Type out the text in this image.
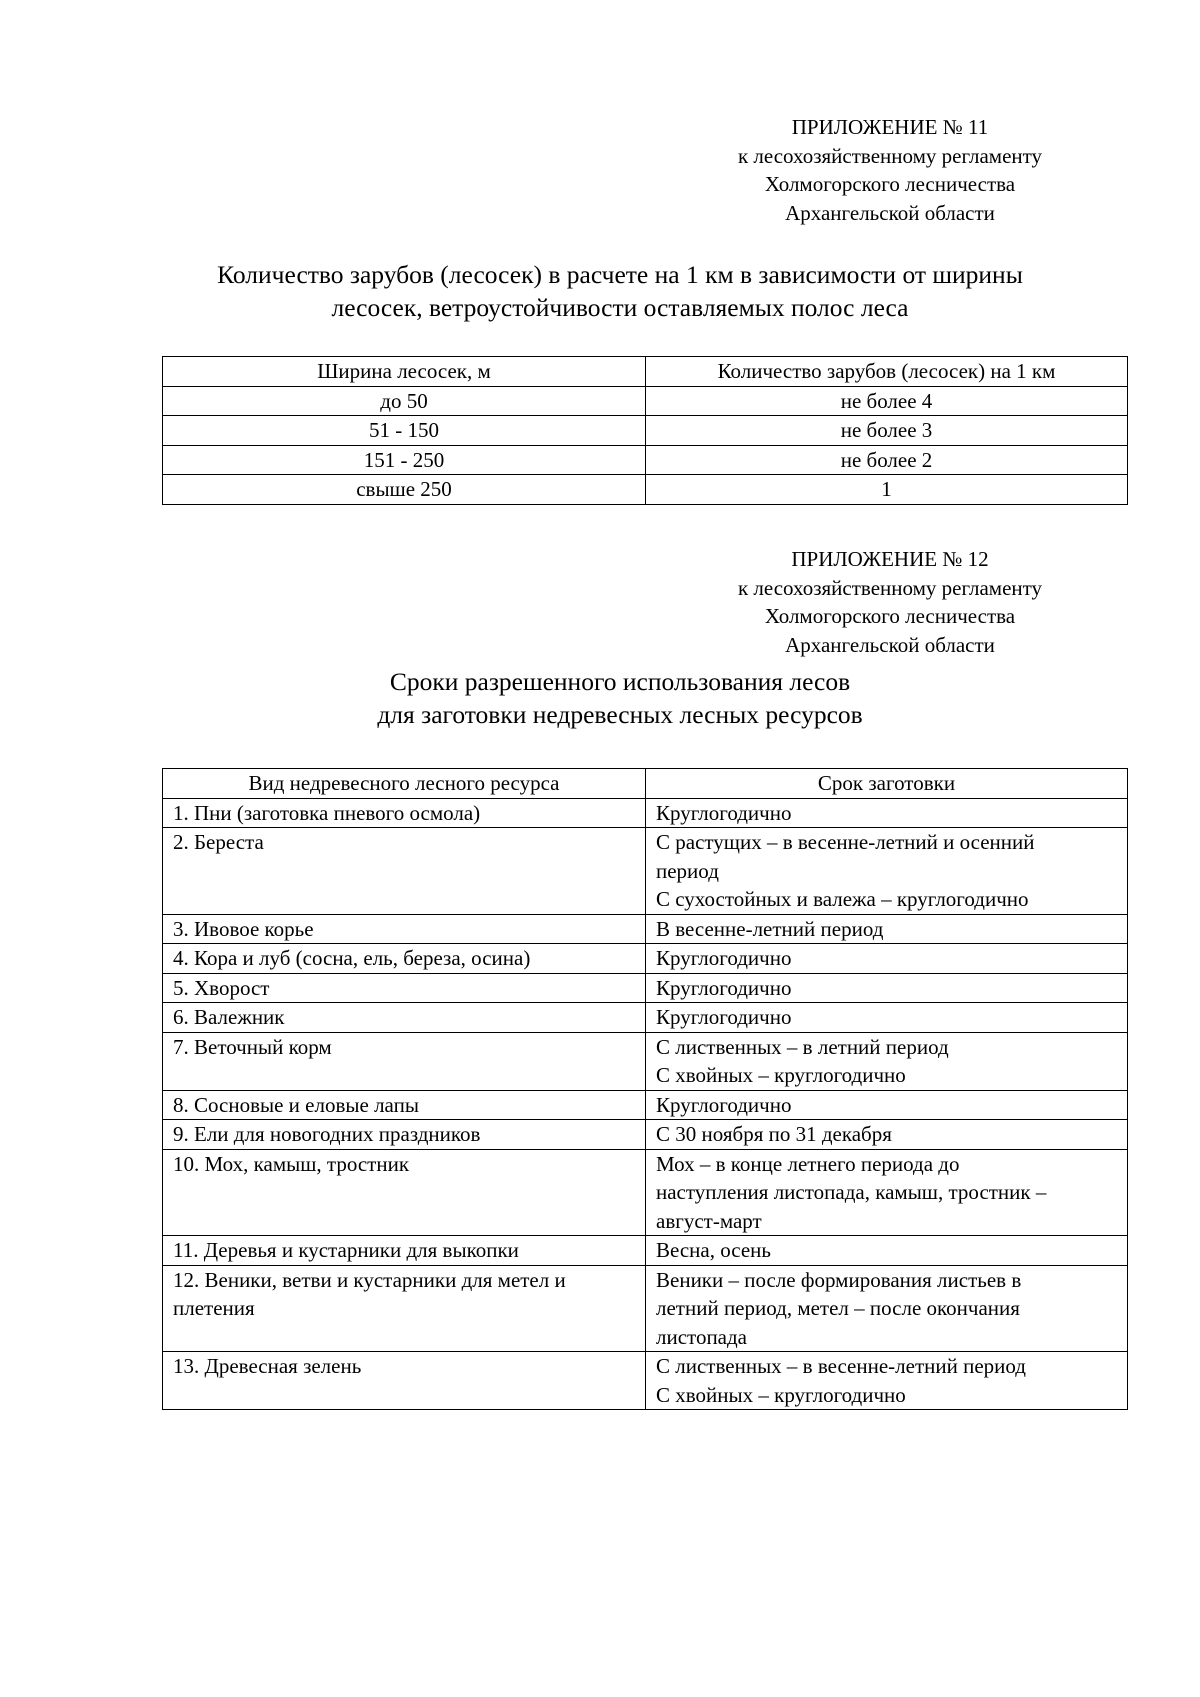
ПРИЛОЖЕНИЕ № 11
к лесохозяйственному регламенту
Холмогорского лесничества
Архангельской области
Количество зарубов (лесосек) в расчете на 1 км в зависимости от ширины
лесосек, ветроустойчивости оставляемых полос леса
Ширина лесосек, м	Количество зарубов (лесосек) на 1 км
до 50	не более 4
51 - 150	не более 3
151 - 250	не более 2
свыше 250	1
ПРИЛОЖЕНИЕ № 12
к лесохозяйственному регламенту
Холмогорского лесничества
Архангельской области
Сроки разрешенного использования лесов
для заготовки недревесных лесных ресурсов
Вид недревесного лесного ресурса	Срок заготовки
1. Пни (заготовка пневого осмола)	Круглогодично

2. Береста	С растущих – в весенне-летний и осенний
период
С сухостойных и валежа – круглогодично

3. Ивовое корье	В весенне-летний период

4. Кора и луб (сосна, ель, береза, осина)	Круглогодично

5. Хворост	Круглогодично

6. Валежник	Круглогодично

7. Веточный корм	С лиственных – в летний период
С хвойных – круглогодично

8. Сосновые и еловые лапы	Круглогодично

9. Ели для новогодних праздников	С 30 ноября по 31 декабря

10. Мох, камыш, тростник	Мох – в конце летнего периода до
наступления листопада, камыш, тростник –
август-март

11. Деревья и кустарники для выкопки	Весна, осень

12. Веники, ветви и кустарники для метел и плетения	Веники – после формирования листьев в
летний период, метел – после окончания
листопада

13. Древесная зелень	С лиственных – в весенне-летний период
С хвойных – круглогодично
